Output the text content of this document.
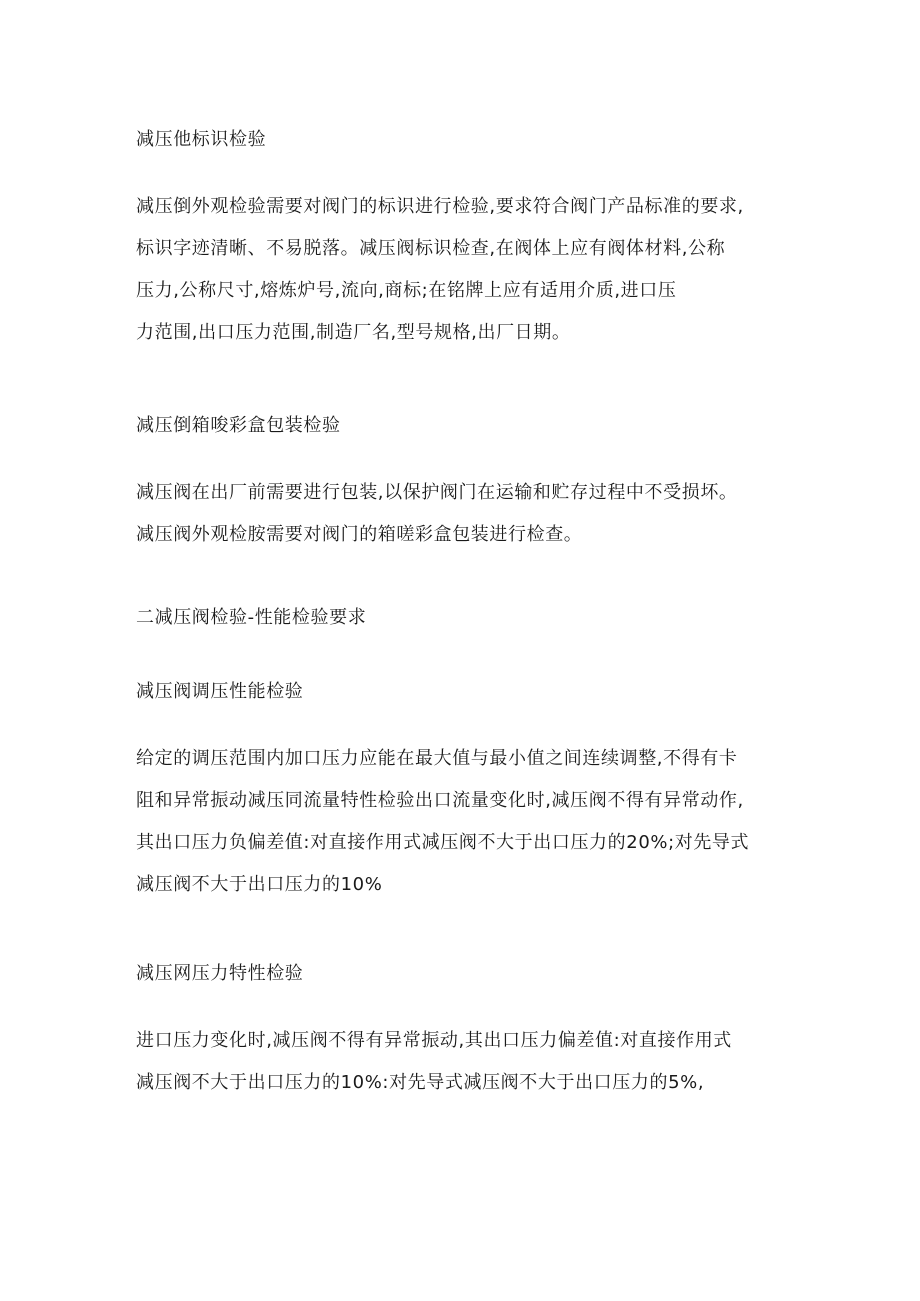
减压他标识检验
减压倒外观检验需要对阀门的标识进行检验,要求符合阀门产品标准的要求,
标识字迹清晰、不易脱落。减压阀标识检查,在阀体上应有阀体材料,公称
压力,公称尺寸,熔炼炉号,流向,商标;在铭牌上应有适用介质,进口压
力范围,出口压力范围,制造厂名,型号规格,出厂日期。
减压倒箱唆彩盒包装检验
减压阀在出厂前需要进行包装,以保护阀门在运输和贮存过程中不受损坏。
减压阀外观检胺需要对阀门的箱嗟彩盒包装进行检查。
二减压阀检验-性能检验要求
减压阀调压性能检验
给定的调压范围内加口压力应能在最大值与最小值之间连续调整,不得有卡
阻和异常振动减压同流量特性检验出口流量变化时,减压阀不得有异常动作,
其出口压力负偏差值:对直接作用式减压阀不大于出口压力的20%;对先导式
减压阀不大于出口压力的10%
减压网压力特性检验
进口压力变化时,减压阀不得有异常振动,其出口压力偏差值:对直接作用式
减压阀不大于出口压力的10%:对先导式减压阀不大于出口压力的5%,
